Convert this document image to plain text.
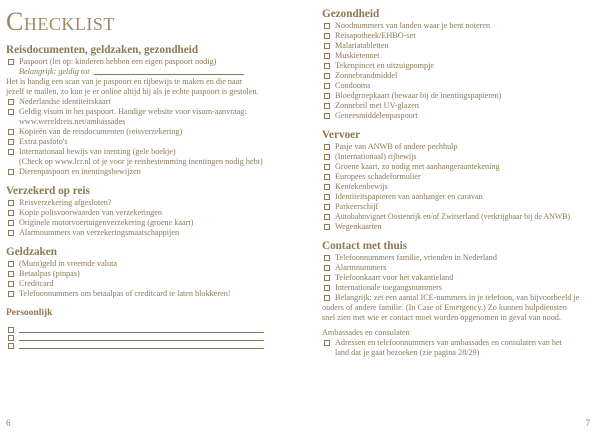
Checklist
Reisdocumenten, geldzaken, gezondheid
Paspoort (let op: kinderen hebben een eigen paspoort nodig)
Belangrijk: geldig tot
Het is handig een scan van je paspoort en rijbewijs te maken en die naar
jezelf te mailen, zo kun je er online altijd bij als je echte paspoort is gestolen.
Nederlandse identiteitskaart
Geldig visum in het paspoort. Handige website voor visum-aanvraag:
www.wereldreis.net/ambassades
Kopieën van de reisdocumenten (reisverzekering)
Extra pasfoto's
Internationaal bewijs van inenting (gele boekje)
(Check op www.lcr.nl of je voor je reisbestemming inentingen nodig hebt)
Dierenpaspoort en inentingsbewijzen
Verzekerd op reis
Reisverzekering afgesloten?
Kopie polisvoorwaarden van verzekeringen
Originele motorvoertuigenverzekering (groene kaart)
Alarmnummers van verzekeringsmaatschappijen
Geldzaken
(Munt)geld in vreemde valuta
Betaalpas (pinpas)
Creditcard
Telefoonnummers om betaalpas of creditcard te laten blokkeren!
Persoonlijk
6
Gezondheid
Noodnummers van landen waar je bent noteren
Reisapotheek/EHBO-set
Malariatabletten
Muskietennet
Tekenpincet en uitzuigpompje
Zonnebrandmiddel
Condooms
Bloedgroepkaart (bewaar bij de inentingspapieren)
Zonnebril met UV-glazen
Geneesmiddelenpaspoort
Vervoer
Pasje van ANWB of andere pechhulp
(Internationaal) rijbewijs
Groene kaart, zo nodig met aanhangeraantekening
Europees schadeformulier
Kentekenbewijs
Identiteitspapieren van aanhanger en caravan
Parkeerschijf
Autobahnvignet Oostenrijk en/of Zwitserland (verkrijgbaar bij de ANWB)
Wegenkaarten
Contact met thuis
Telefoonnummers familie, vrienden in Nederland
Alarmnummers
Telefoonkaart voor het vakantieland
Internationale toegangsnummers
Belangrijk: zet een aantal ICE-nummers in je telefoon, van bijvoorbeeld je
ouders of andere familie. (In Case of Emergency.) Zo kunnen hulpdiensten
snel zien met wie er contact moet worden opgenomen in geval van nood.
Ambassades en consulaten
Adressen en telefoonnummers van ambassades en consulaten van het
land dat je gaat bezoeken (zie pagina 28/29)
7
